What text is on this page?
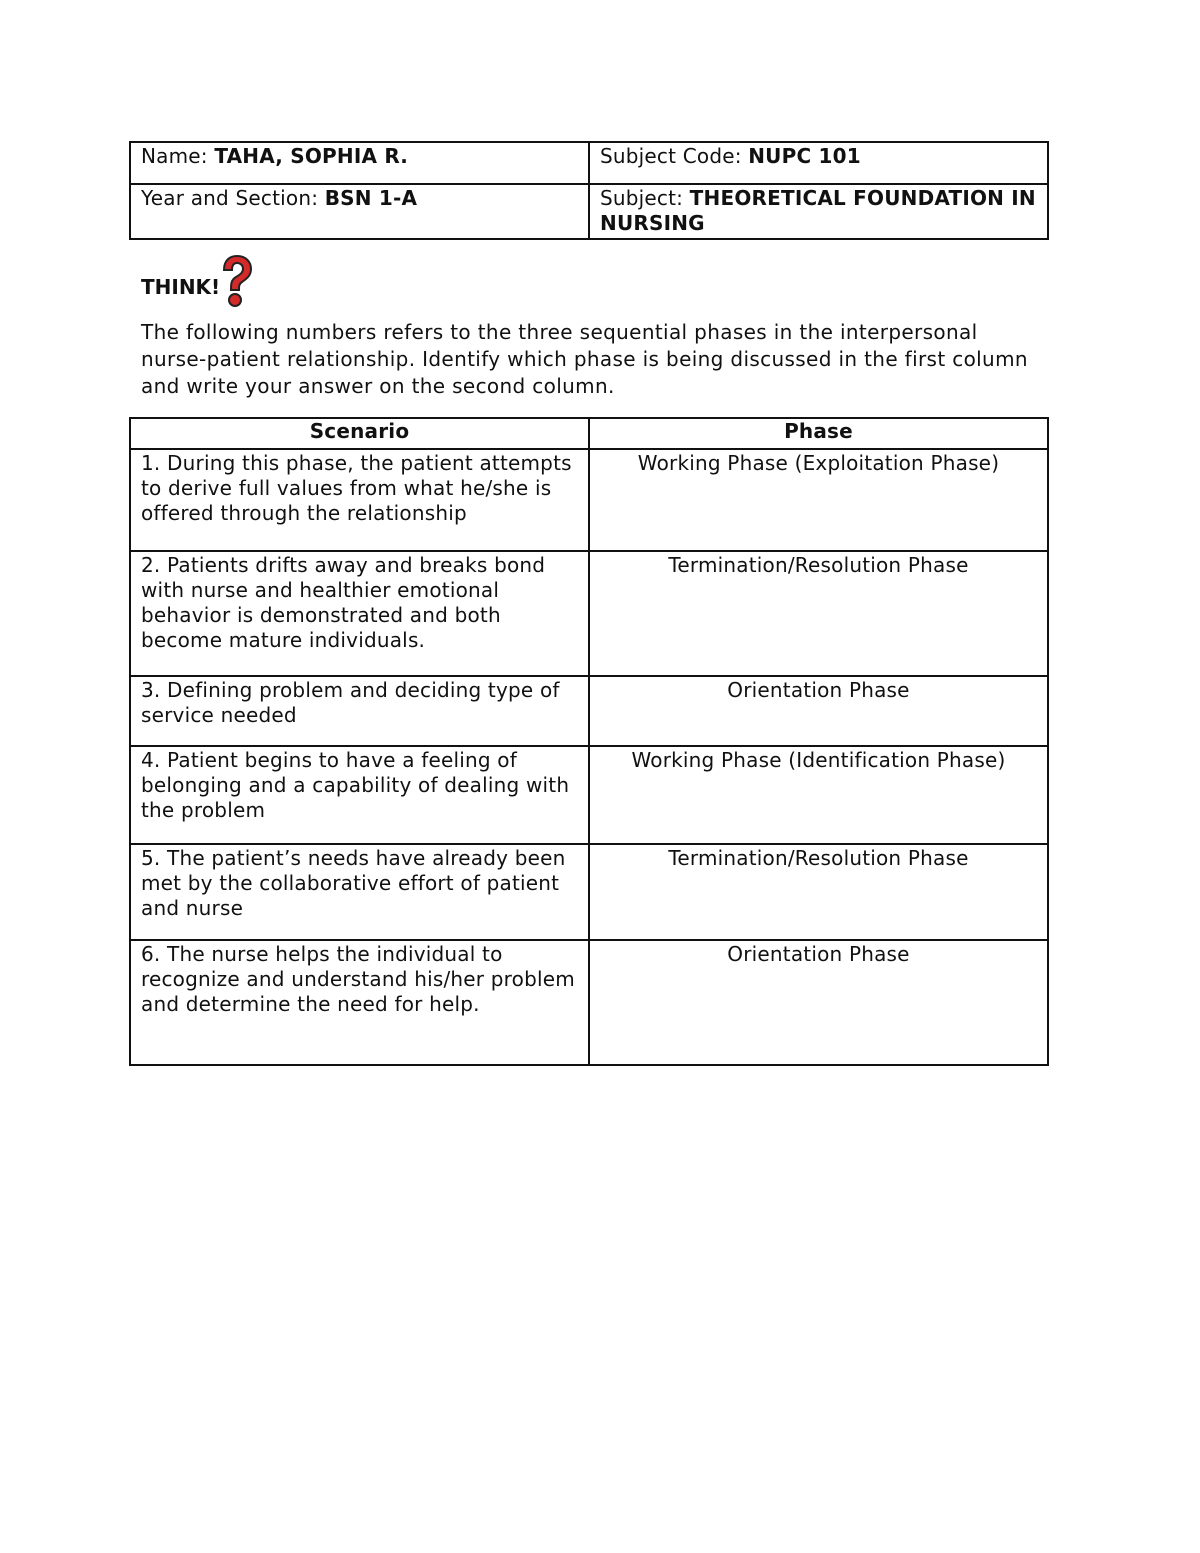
Name: TAHA, SOPHIA R.	Subject Code: NUPC 101
Year and Section: BSN 1-A	Subject: THEORETICAL FOUNDATION IN NURSING
THINK!

The following numbers refers to the three sequential phases in the interpersonal nurse-patient relationship. Identify which phase is being discussed in the first column and write your answer on the second column.

Scenario	Phase
1. During this phase, the patient attempts to derive full values from what he/she is offered through the relationship	Working Phase (Exploitation Phase)
2. Patients drifts away and breaks bond with nurse and healthier emotional behavior is demonstrated and both become mature individuals.	Termination/Resolution Phase
3. Defining problem and deciding type of service needed	Orientation Phase
4. Patient begins to have a feeling of belonging and a capability of dealing with the problem	Working Phase (Identification Phase)
5. The patient’s needs have already been met by the collaborative effort of patient and nurse	Termination/Resolution Phase
6. The nurse helps the individual to recognize and understand his/her problem and determine the need for help.	Orientation Phase
